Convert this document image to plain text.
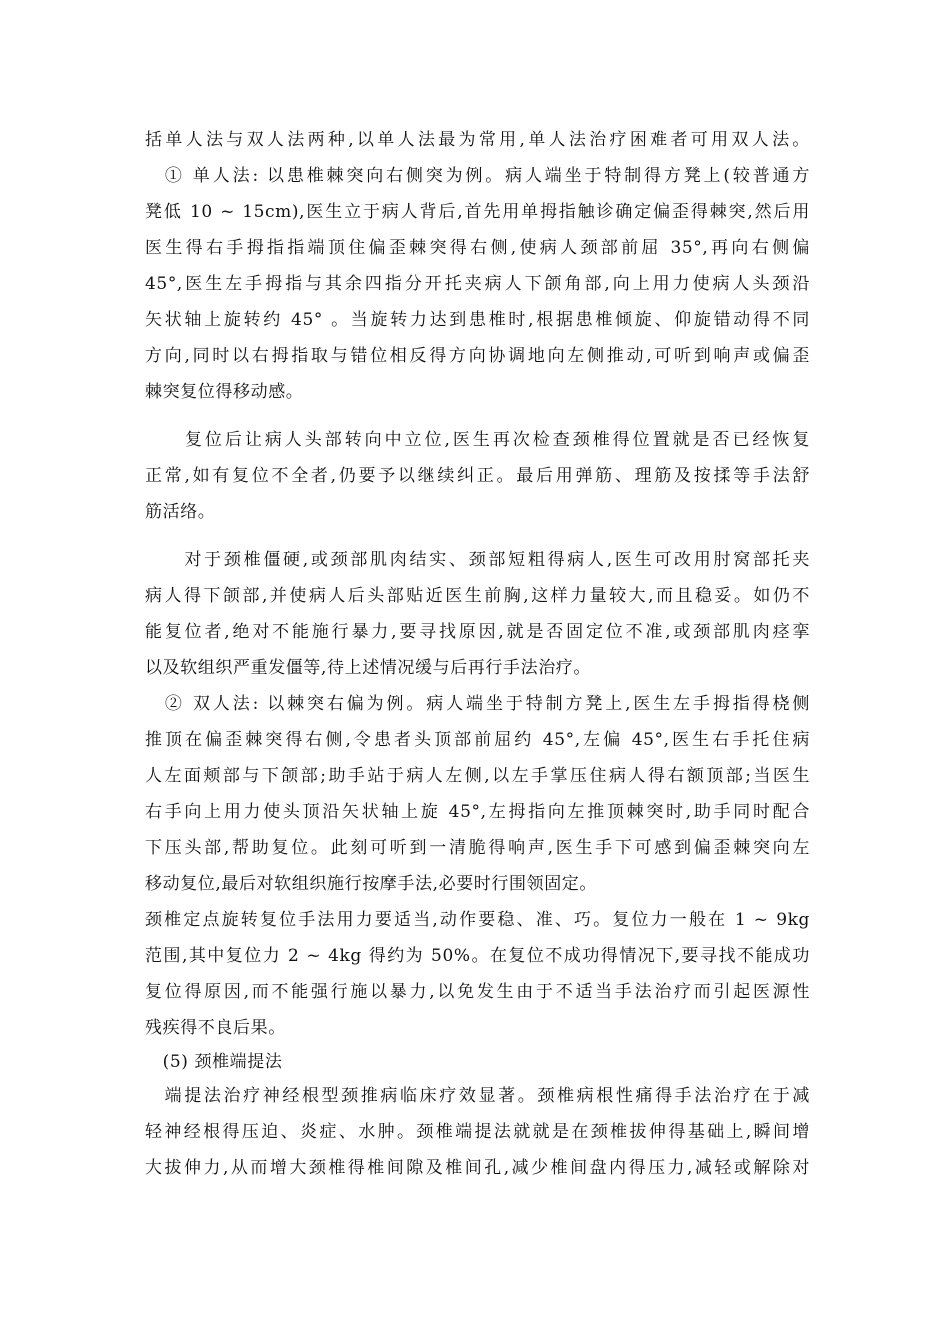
括单人法与双人法两种,以单人法最为常用,单人法治疗困难者可用双人法。
　① 单人法: 以患椎棘突向右侧突为例。病人端坐于特制得方凳上(较普通方
凳低 10 ~ 15cm),医生立于病人背后,首先用单拇指触诊确定偏歪得棘突,然后用
医生得右手拇指指端顶住偏歪棘突得右侧,使病人颈部前屈 35°,再向右侧偏
45°,医生左手拇指与其余四指分开托夹病人下颌角部,向上用力使病人头颈沿
矢状轴上旋转约 45° 。当旋转力达到患椎时,根据患椎倾旋、仰旋错动得不同
方向,同时以右拇指取与错位相反得方向协调地向左侧推动,可听到响声或偏歪
棘突复位得移动感。
　　复位后让病人头部转向中立位,医生再次检查颈椎得位置就是否已经恢复
正常,如有复位不全者,仍要予以继续纠正。最后用弹筋、理筋及按揉等手法舒
筋活络。
　　对于颈椎僵硬,或颈部肌肉结实、颈部短粗得病人,医生可改用肘窝部托夹
病人得下颌部,并使病人后头部贴近医生前胸,这样力量较大,而且稳妥。如仍不
能复位者,绝对不能施行暴力,要寻找原因,就是否固定位不准,或颈部肌肉痉挛
以及软组织严重发僵等,待上述情况缓与后再行手法治疗。
　② 双人法: 以棘突右偏为例。病人端坐于特制方凳上,医生左手拇指得桡侧
推顶在偏歪棘突得右侧,令患者头顶部前屈约 45°,左偏 45°,医生右手托住病
人左面颊部与下颌部;助手站于病人左侧,以左手掌压住病人得右额顶部;当医生
右手向上用力使头顶沿矢状轴上旋 45°,左拇指向左推顶棘突时,助手同时配合
下压头部,帮助复位。此刻可听到一清脆得响声,医生手下可感到偏歪棘突向左
移动复位,最后对软组织施行按摩手法,必要时行围领固定。
颈椎定点旋转复位手法用力要适当,动作要稳、准、巧。复位力一般在 1 ~ 9kg
范围,其中复位力 2 ~ 4kg 得约为 50%。在复位不成功得情况下,要寻找不能成功
复位得原因,而不能强行施以暴力,以免发生由于不适当手法治疗而引起医源性
残疾得不良后果。
　(5) 颈椎端提法
　端提法治疗神经根型颈推病临床疗效显著。颈椎病根性痛得手法治疗在于减
轻神经根得压迫、炎症、水肿。颈椎端提法就就是在颈椎拔伸得基础上,瞬间增
大拔伸力,从而增大颈椎得椎间隙及椎间孔,减少椎间盘内得压力,减轻或解除对
